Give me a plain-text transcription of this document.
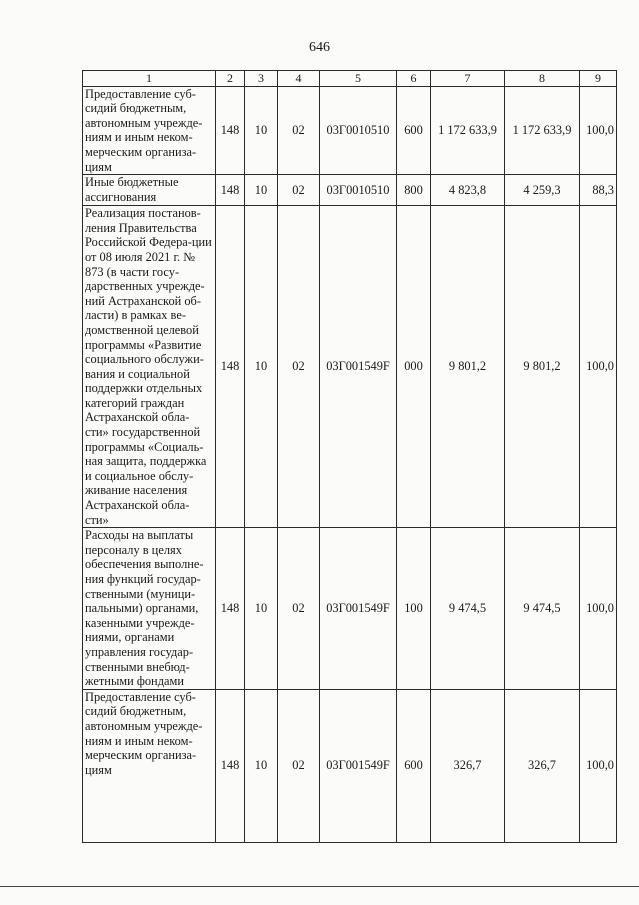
646
1	2	3	4	5	6	7	8	9
Предоставление суб-сидий бюджетным, автономным учрежде-ниям и иным неком-мерческим организа-циям	148	10	02	03Г0010510	600	1 172 633,9	1 172 633,9	100,0
Иные бюджетные ассигнования	148	10	02	03Г0010510	800	4 823,8	4 259,3	88,3
Реализация постанов-ления Правительства Российской Федера-ции от 08 июля 2021 г. № 873 (в части госу-дарственных учрежде-ний Астраханской об-ласти) в рамках ве-домственной целевой программы «Развитие социального обслужи-вания и социальной поддержки отдельных категорий граждан Астраханской обла-сти» государственной программы «Социаль-ная защита, поддержка и социальное обслу-живание населения Астраханской обла-сти»	148	10	02	03Г001549F	000	9 801,2	9 801,2	100,0
Расходы на выплаты персоналу в целях обеспечения выполне-ния функций государ-ственными (муници-пальными) органами, казенными учрежде-ниями, органами управления государ-ственными внебюд-жетными фондами	148	10	02	03Г001549F	100	9 474,5	9 474,5	100,0
Предоставление суб-сидий бюджетным, автономным учрежде-ниям и иным неком-мерческим организа-циям	148	10	02	03Г001549F	600	326,7	326,7	100,0
